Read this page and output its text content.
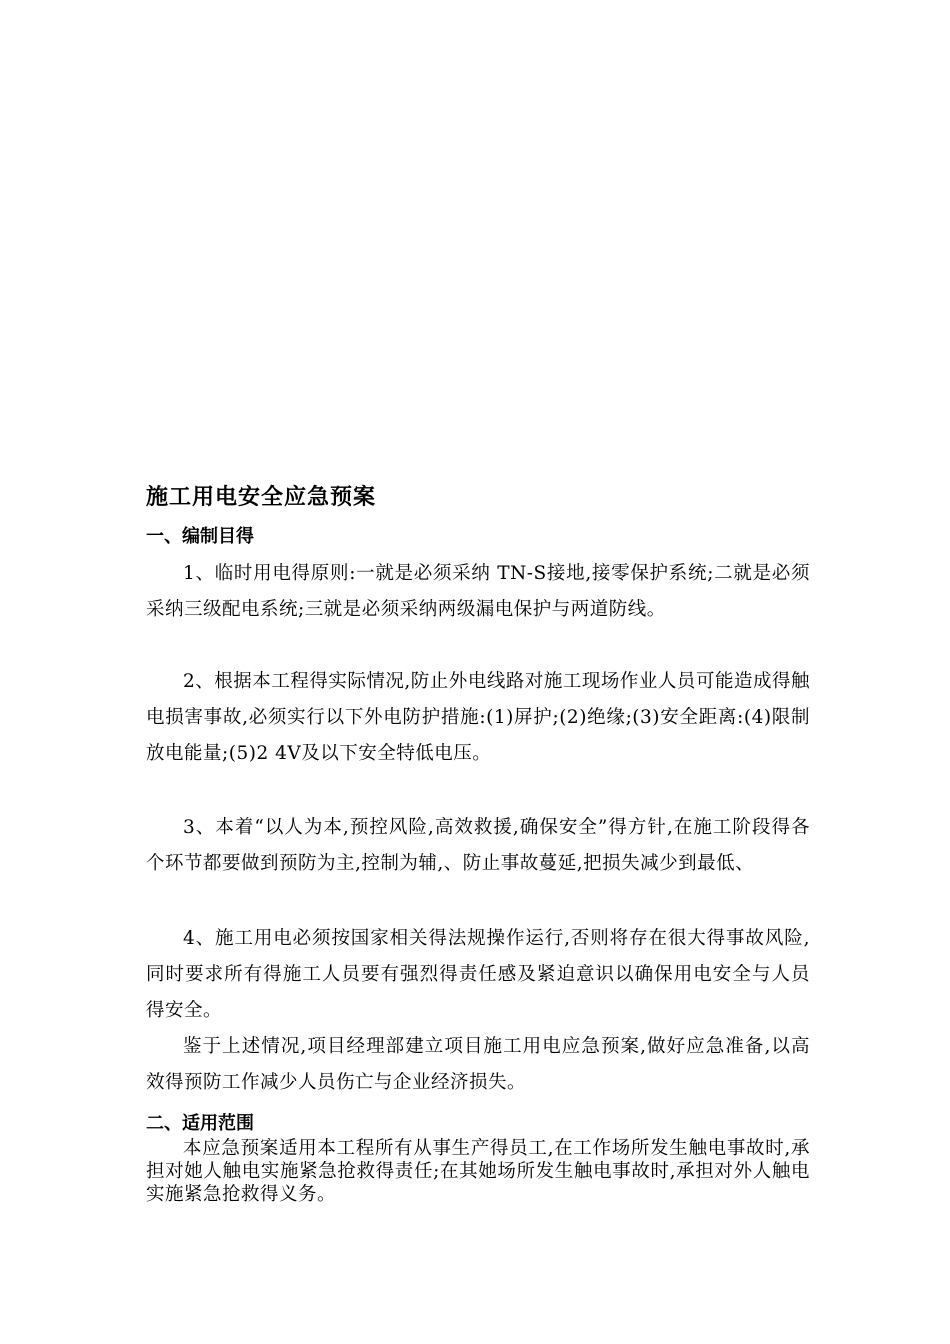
施工用电安全应急预案
一、编制目得

1、临时用电得原则:一就是必须采纳 TN-S接地,接零保护系统;二就是必须采纳三级配电系统;三就是必须采纳两级漏电保护与两道防线。

2、根据本工程得实际情况,防止外电线路对施工现场作业人员可能造成得触电损害事故,必须实行以下外电防护措施:(1)屏护;(2)绝缘;(3)安全距离:(4)限制放电能量;(5)2 4V及以下安全特低电压。

3、本着“以人为本,预控风险,高效救援,确保安全”得方针,在施工阶段得各个环节都要做到预防为主,控制为辅,、防止事故蔓延,把损失减少到最低、

4、施工用电必须按国家相关得法规操作运行,否则将存在很大得事故风险,同时要求所有得施工人员要有强烈得责任感及紧迫意识以确保用电安全与人员得安全。

鉴于上述情况,项目经理部建立项目施工用电应急预案,做好应急准备,以高效得预防工作减少人员伤亡与企业经济损失。

二、适用范围

本应急预案适用本工程所有从事生产得员工,在工作场所发生触电事故时,承担对她人触电实施紧急抢救得责任;在其她场所发生触电事故时,承担对外人触电实施紧急抢救得义务。
